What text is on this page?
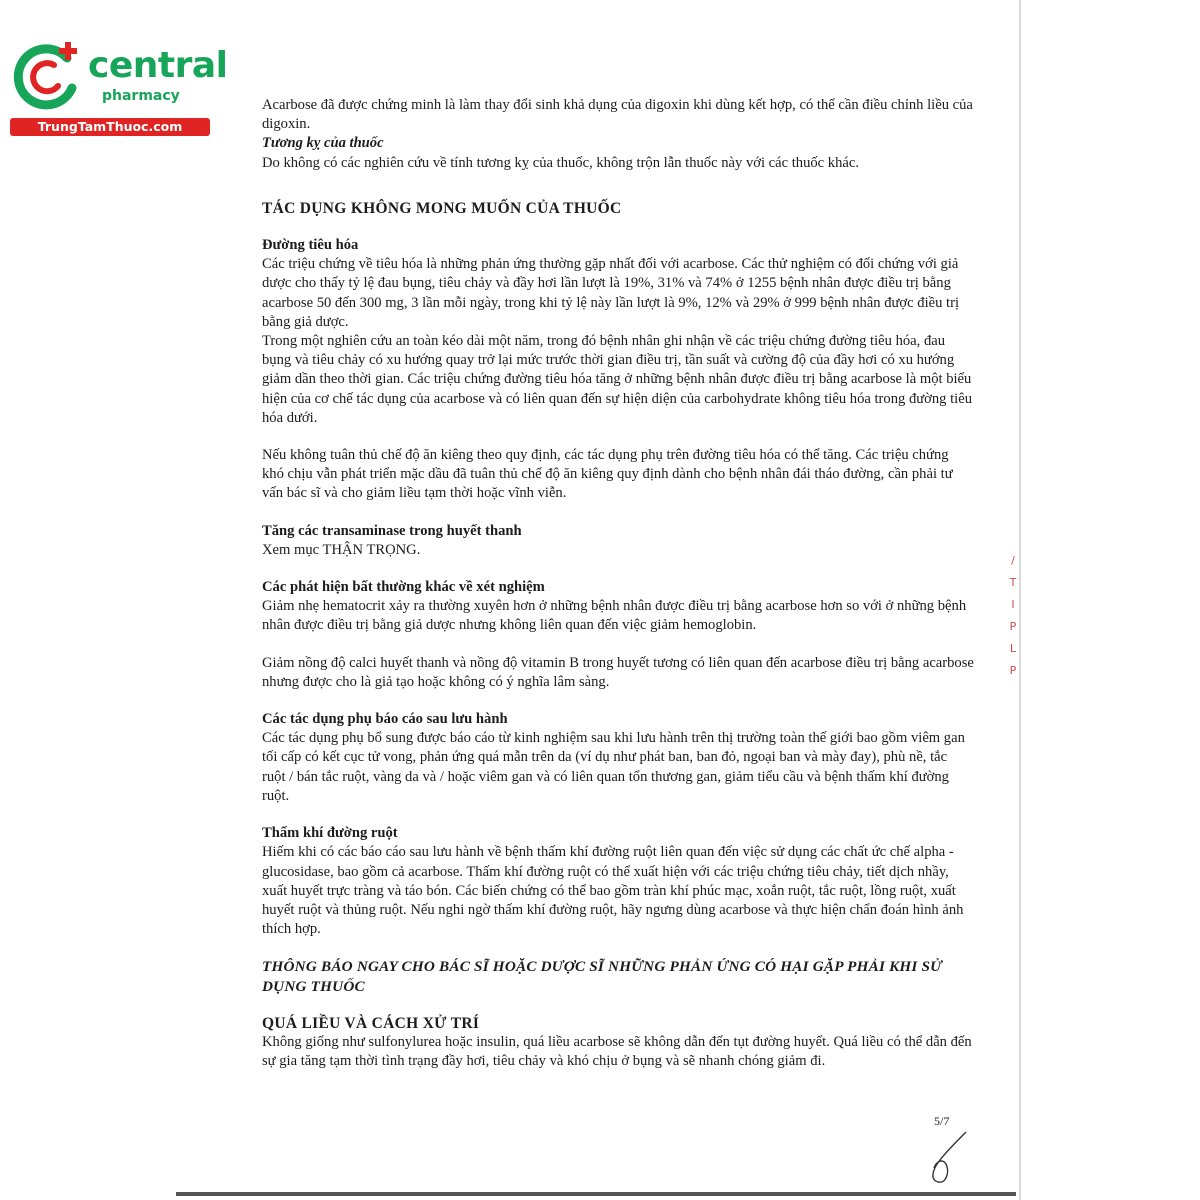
central
pharmacy
TrungTamThuoc.com

Acarbose đã được chứng minh là làm thay đổi sinh khả dụng của digoxin khi dùng kết hợp, có thể cần điều chỉnh liều của digoxin.

Tương kỵ của thuốc

Do không có các nghiên cứu về tính tương kỵ của thuốc, không trộn lẫn thuốc này với các thuốc khác.

TÁC DỤNG KHÔNG MONG MUỐN CỦA THUỐC

Đường tiêu hóa

Các triệu chứng về tiêu hóa là những phản ứng thường gặp nhất đối với acarbose. Các thử nghiệm có đối chứng với giả dược cho thấy tỷ lệ đau bụng, tiêu chảy và đầy hơi lần lượt là 19%, 31% và 74% ở 1255 bệnh nhân được điều trị bằng acarbose 50 đến 300 mg, 3 lần mỗi ngày, trong khi tỷ lệ này lần lượt là 9%, 12% và 29% ở 999 bệnh nhân được điều trị bằng giả dược.

Trong một nghiên cứu an toàn kéo dài một năm, trong đó bệnh nhân ghi nhận về các triệu chứng đường tiêu hóa, đau bụng và tiêu chảy có xu hướng quay trở lại mức trước thời gian điều trị, tần suất và cường độ của đầy hơi có xu hướng giảm dần theo thời gian. Các triệu chứng đường tiêu hóa tăng ở những bệnh nhân được điều trị bằng acarbose là một biểu hiện của cơ chế tác dụng của acarbose và có liên quan đến sự hiện diện của carbohydrate không tiêu hóa trong đường tiêu hóa dưới.

Nếu không tuân thủ chế độ ăn kiêng theo quy định, các tác dụng phụ trên đường tiêu hóa có thể tăng. Các triệu chứng khó chịu vẫn phát triển mặc dầu đã tuân thủ chế độ ăn kiêng quy định dành cho bệnh nhân đái tháo đường, cần phải tư vấn bác sĩ và cho giảm liều tạm thời hoặc vĩnh viễn.

Tăng các transaminase trong huyết thanh

Xem mục THẬN TRỌNG.

Các phát hiện bất thường khác về xét nghiệm

Giảm nhẹ hematocrit xảy ra thường xuyên hơn ở những bệnh nhân được điều trị bằng acarbose hơn so với ở những bệnh nhân được điều trị bằng giả dược nhưng không liên quan đến việc giảm hemoglobin.

Giảm nồng độ calci huyết thanh và nồng độ vitamin B trong huyết tương có liên quan đến acarbose điều trị bằng acarbose nhưng được cho là giả tạo hoặc không có ý nghĩa lâm sàng.

Các tác dụng phụ báo cáo sau lưu hành

Các tác dụng phụ bổ sung được báo cáo từ kinh nghiệm sau khi lưu hành trên thị trường toàn thế giới bao gồm viêm gan tối cấp có kết cục tử vong, phản ứng quá mẫn trên da (ví dụ như phát ban, ban đỏ, ngoại ban và mày đay), phù nề, tắc ruột / bán tắc ruột, vàng da và / hoặc viêm gan và có liên quan tổn thương gan, giảm tiểu cầu và bệnh thấm khí đường ruột.

Thấm khí đường ruột

Hiếm khi có các báo cáo sau lưu hành về bệnh thấm khí đường ruột liên quan đến việc sử dụng các chất ức chế alpha -glucosidase, bao gồm cả acarbose. Thấm khí đường ruột có thể xuất hiện với các triệu chứng tiêu chảy, tiết dịch nhầy, xuất huyết trực tràng và táo bón. Các biến chứng có thể bao gồm tràn khí phúc mạc, xoắn ruột, tắc ruột, lồng ruột, xuất huyết ruột và thủng ruột. Nếu nghi ngờ thấm khí đường ruột, hãy ngưng dùng acarbose và thực hiện chẩn đoán hình ảnh thích hợp.

THÔNG BÁO NGAY CHO BÁC SĨ HOẶC DƯỢC SĨ NHỮNG PHẢN ỨNG CÓ HẠI GẶP PHẢI KHI SỬ DỤNG THUỐC

QUÁ LIỀU VÀ CÁCH XỬ TRÍ

Không giống như sulfonylurea hoặc insulin, quá liều acarbose sẽ không dẫn đến tụt đường huyết. Quá liều có thể dẫn đến sự gia tăng tạm thời tình trạng đầy hơi, tiêu chảy và khó chịu ở bụng và sẽ nhanh chóng giảm đi.

5/7
/
T
I
P
L
P
